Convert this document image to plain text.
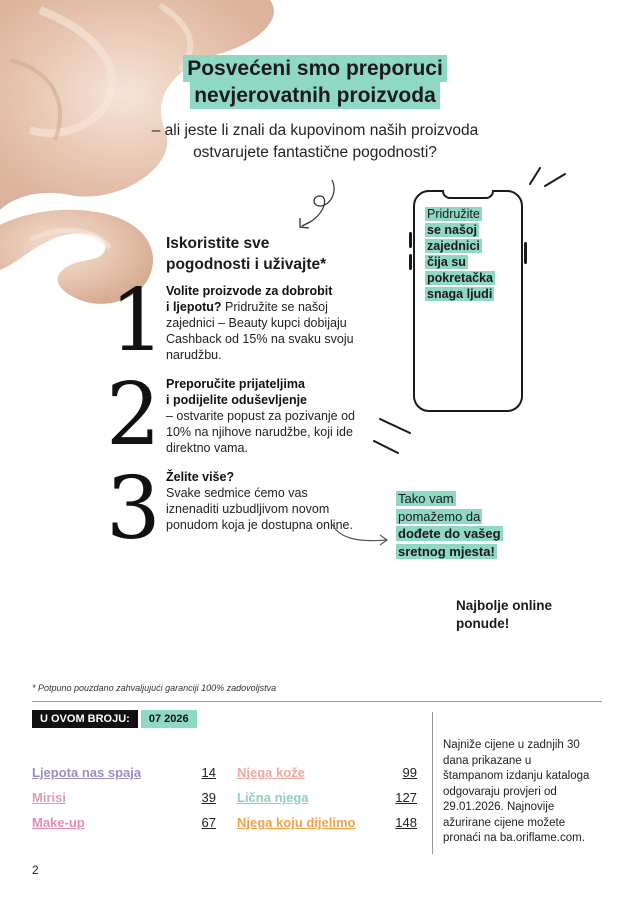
Posvećeni smo preporuci
nevjerovatnih proizvoda
– ali jeste li znali da kupovinom naših proizvoda
ostvarujete fantastične pogodnosti?
Iskoristite sve
pogodnosti i uživajte*
1 Volite proizvode za dobrobit
i ljepotu? Pridružite se našoj zajednici – Beauty kupci dobijaju Cashback od 15% na svaku svoju narudžbu.
2 Preporučite prijateljima
i podijelite oduševljenje
– ostvarite popust za pozivanje od 10% na njihove narudžbe, koji ide direktno vama.
3 Želite više?
Svake sedmice ćemo vas iznenaditi uzbudljivom novom ponudom koja je dostupna online.
Pridružite
se našoj
zajednici
čija su
pokretačka
snaga ljudi
Tako vam
pomažemo da
dođete do vašeg
sretnog mjesta!
Najbolje online
ponude!
* Potpuno pouzdano zahvaljujući garanciji 100% zadovoljstva
U OVOM BROJU:	07 2026
Ljepota nas spaja	14
Mirisi	39
Make-up	67
Njega kože	99
Lična njega	127
Njega koju dijelimo	148
Najniže cijene u zadnjih 30 dana prikazane u štampanom izdanju kataloga odgovaraju provjeri od 29.01.2026. Najnovije ažurirane cijene možete pronaći na ba.oriflame.com.
2
